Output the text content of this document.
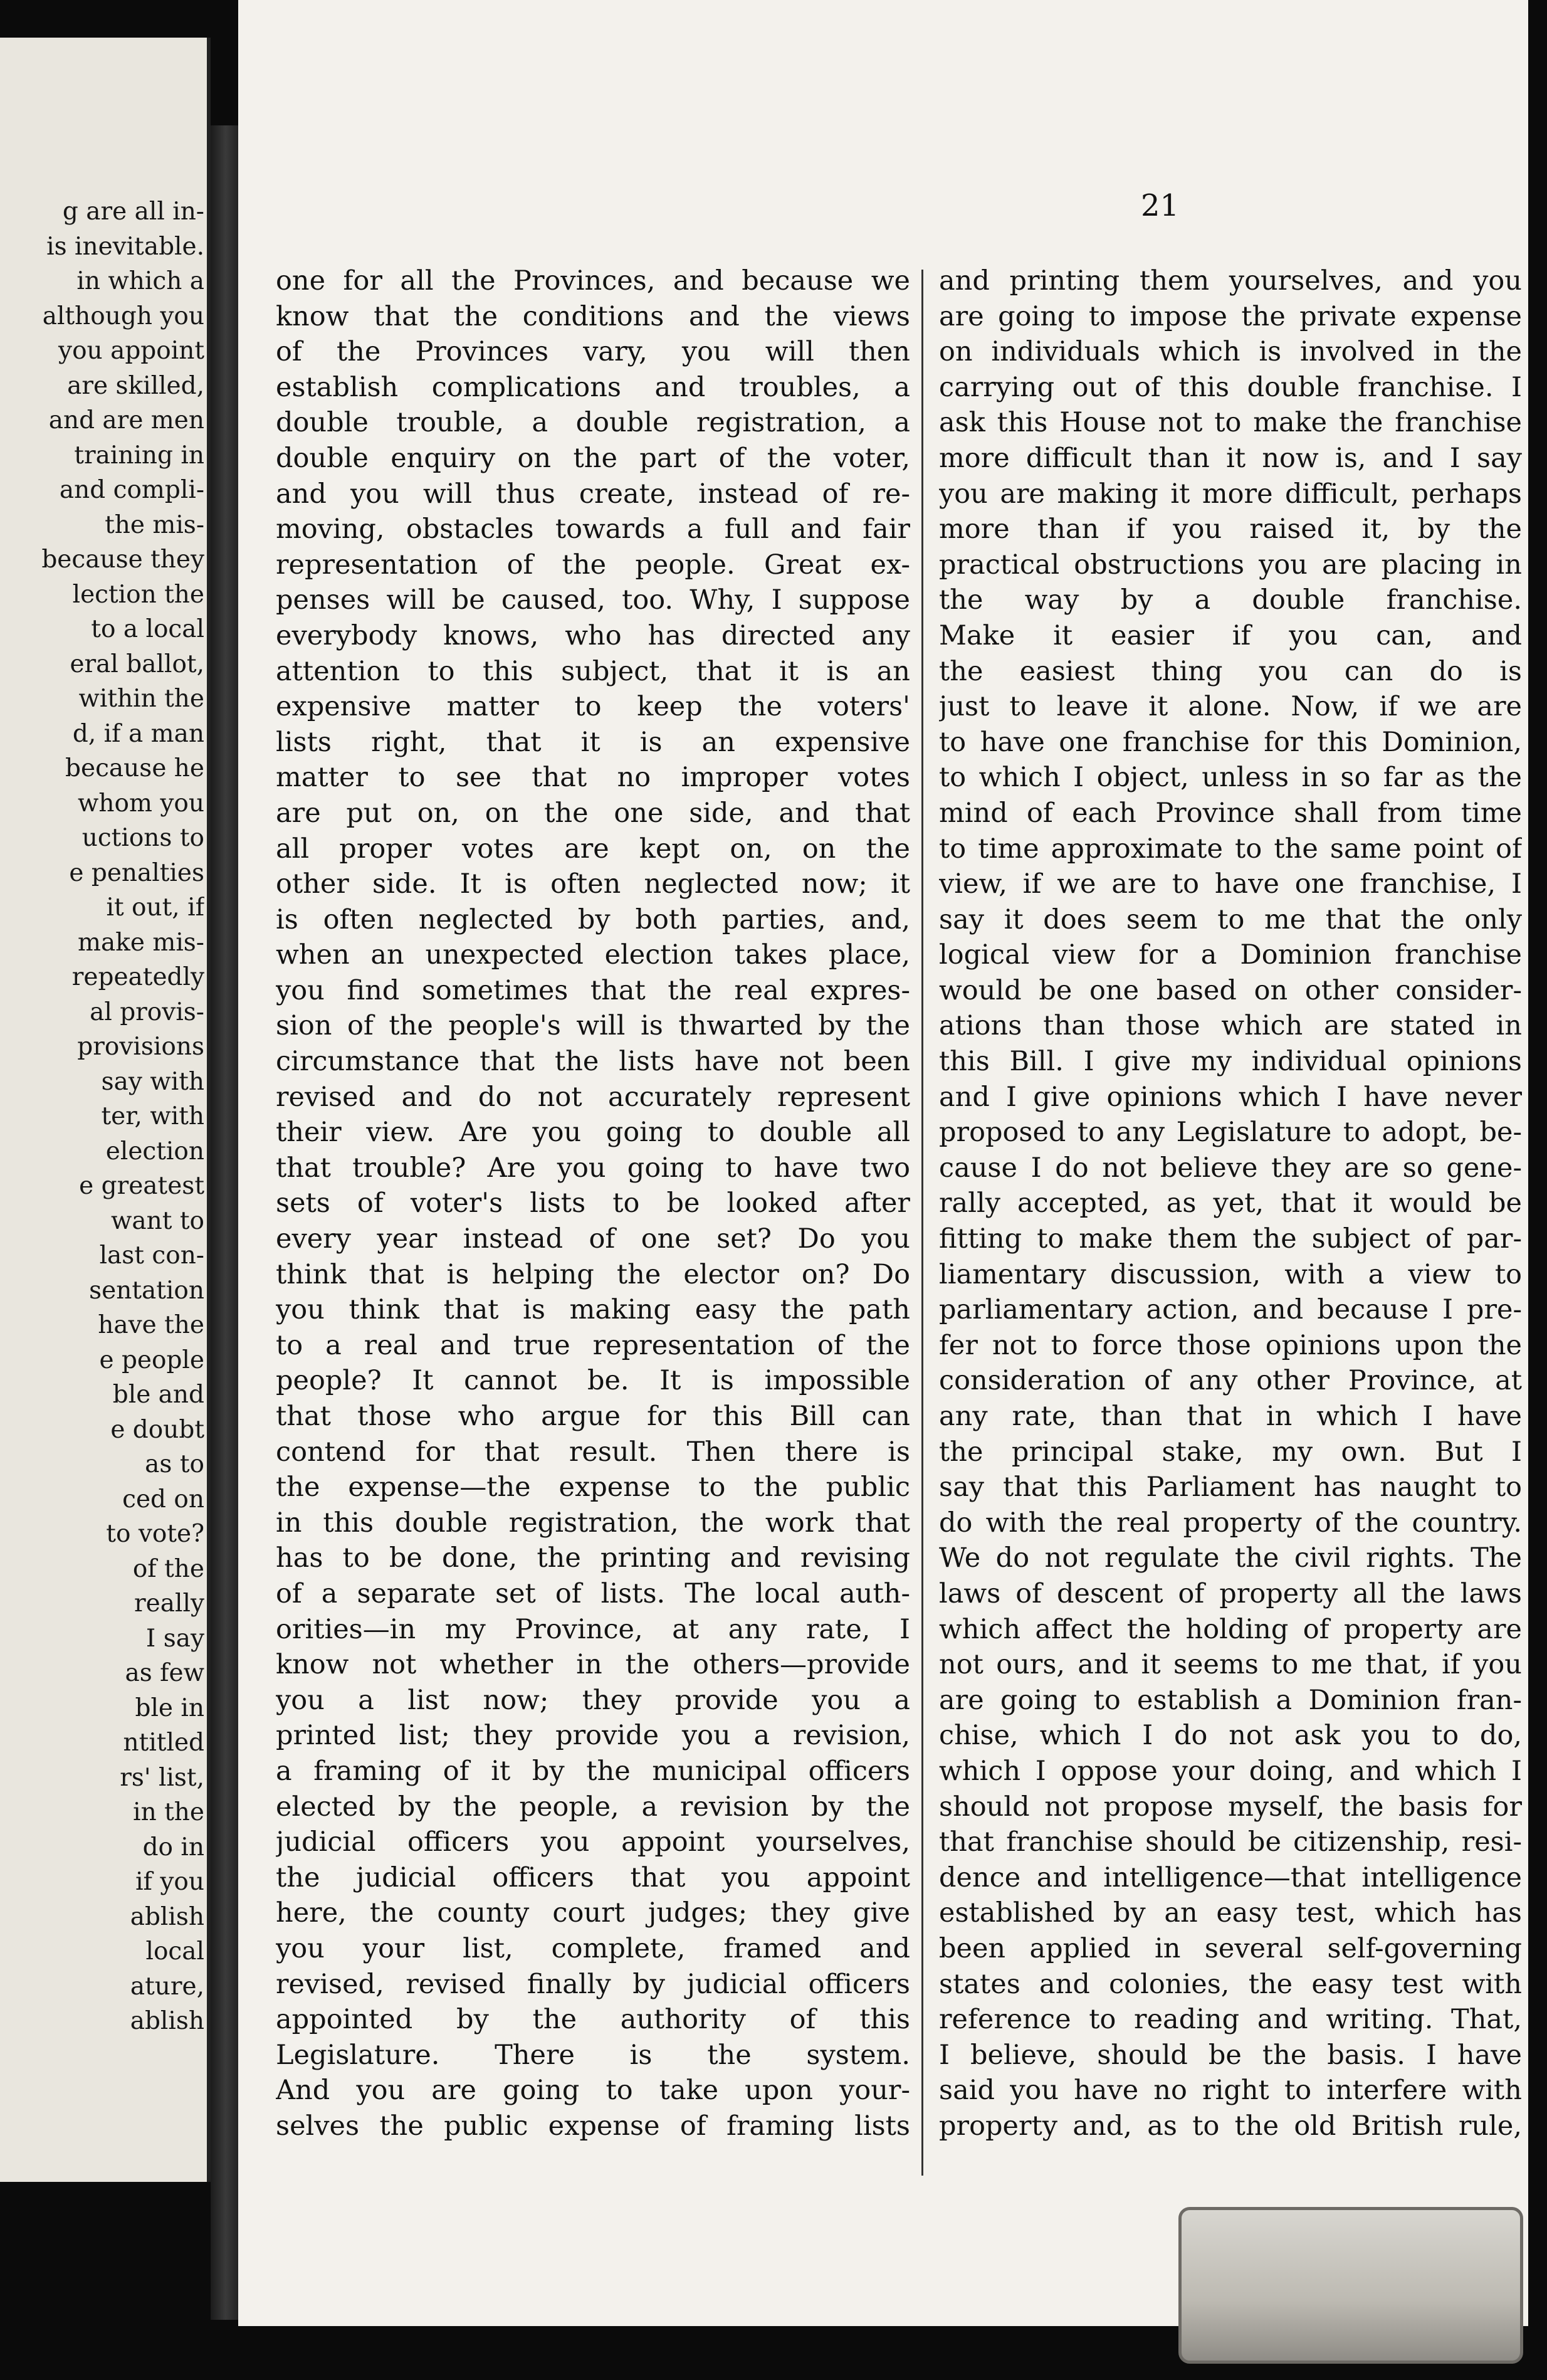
g are all in-
is inevitable.
in which a
although you
you appoint
are skilled,
and are men
training in
and compli-
the mis-
because they
lection the
to a local
eral ballot,
within the
d, if a man
because he
whom you
uctions to
e penalties
it out, if
make mis-
repeatedly
al provis-
provisions
say with
ter, with
election
e greatest
want to
last con-
sentation
have the
e people
ble and
e doubt
as to
ced on
to vote?
of the
really
I say
as few
ble in
ntitled
rs' list,
in the
do in
if you
ablish
local
ature,
ablish
21
one for all the Provinces, and because we
know that the conditions and the views
of the Provinces vary, you will then
establish complications and troubles, a
double trouble, a double registration, a
double enquiry on the part of the voter,
and you will thus create, instead of re-
moving, obstacles towards a full and fair
representation of the people. Great ex-
penses will be caused, too. Why, I suppose
everybody knows, who has directed any
attention to this subject, that it is an
expensive matter to keep the voters'
lists right, that it is an expensive
matter to see that no improper votes
are put on, on the one side, and that
all proper votes are kept on, on the
other side. It is often neglected now; it
is often neglected by both parties, and,
when an unexpected election takes place,
you find sometimes that the real expres-
sion of the people's will is thwarted by the
circumstance that the lists have not been
revised and do not accurately represent
their view. Are you going to double all
that trouble? Are you going to have two
sets of voter's lists to be looked after
every year instead of one set? Do you
think that is helping the elector on? Do
you think that is making easy the path
to a real and true representation of the
people? It cannot be. It is impossible
that those who argue for this Bill can
contend for that result. Then there is
the expense—the expense to the public
in this double registration, the work that
has to be done, the printing and revising
of a separate set of lists. The local auth-
orities—in my Province, at any rate, I
know not whether in the others—provide
you a list now; they provide you a
printed list; they provide you a revision,
a framing of it by the municipal officers
elected by the people, a revision by the
judicial officers you appoint yourselves,
the judicial officers that you appoint
here, the county court judges; they give
you your list, complete, framed and
revised, revised finally by judicial officers
appointed by the authority of this
Legislature. There is the system.
And you are going to take upon your-
selves the public expense of framing lists
and printing them yourselves, and you
are going to impose the private expense
on individuals which is involved in the
carrying out of this double franchise. I
ask this House not to make the franchise
more difficult than it now is, and I say
you are making it more difficult, perhaps
more than if you raised it, by the
practical obstructions you are placing in
the way by a double franchise.
Make it easier if you can, and
the easiest thing you can do is
just to leave it alone. Now, if we are
to have one franchise for this Dominion,
to which I object, unless in so far as the
mind of each Province shall from time
to time approximate to the same point of
view, if we are to have one franchise, I
say it does seem to me that the only
logical view for a Dominion franchise
would be one based on other consider-
ations than those which are stated in
this Bill. I give my individual opinions
and I give opinions which I have never
proposed to any Legislature to adopt, be-
cause I do not believe they are so gene-
rally accepted, as yet, that it would be
fitting to make them the subject of par-
liamentary discussion, with a view to
parliamentary action, and because I pre-
fer not to force those opinions upon the
consideration of any other Province, at
any rate, than that in which I have
the principal stake, my own. But I
say that this Parliament has naught to
do with the real property of the country.
We do not regulate the civil rights. The
laws of descent of property all the laws
which affect the holding of property are
not ours, and it seems to me that, if you
are going to establish a Dominion fran-
chise, which I do not ask you to do,
which I oppose your doing, and which I
should not propose myself, the basis for
that franchise should be citizenship, resi-
dence and intelligence—that intelligence
established by an easy test, which has
been applied in several self-governing
states and colonies, the easy test with
reference to reading and writing. That,
I believe, should be the basis. I have
said you have no right to interfere with
property and, as to the old British rule,
